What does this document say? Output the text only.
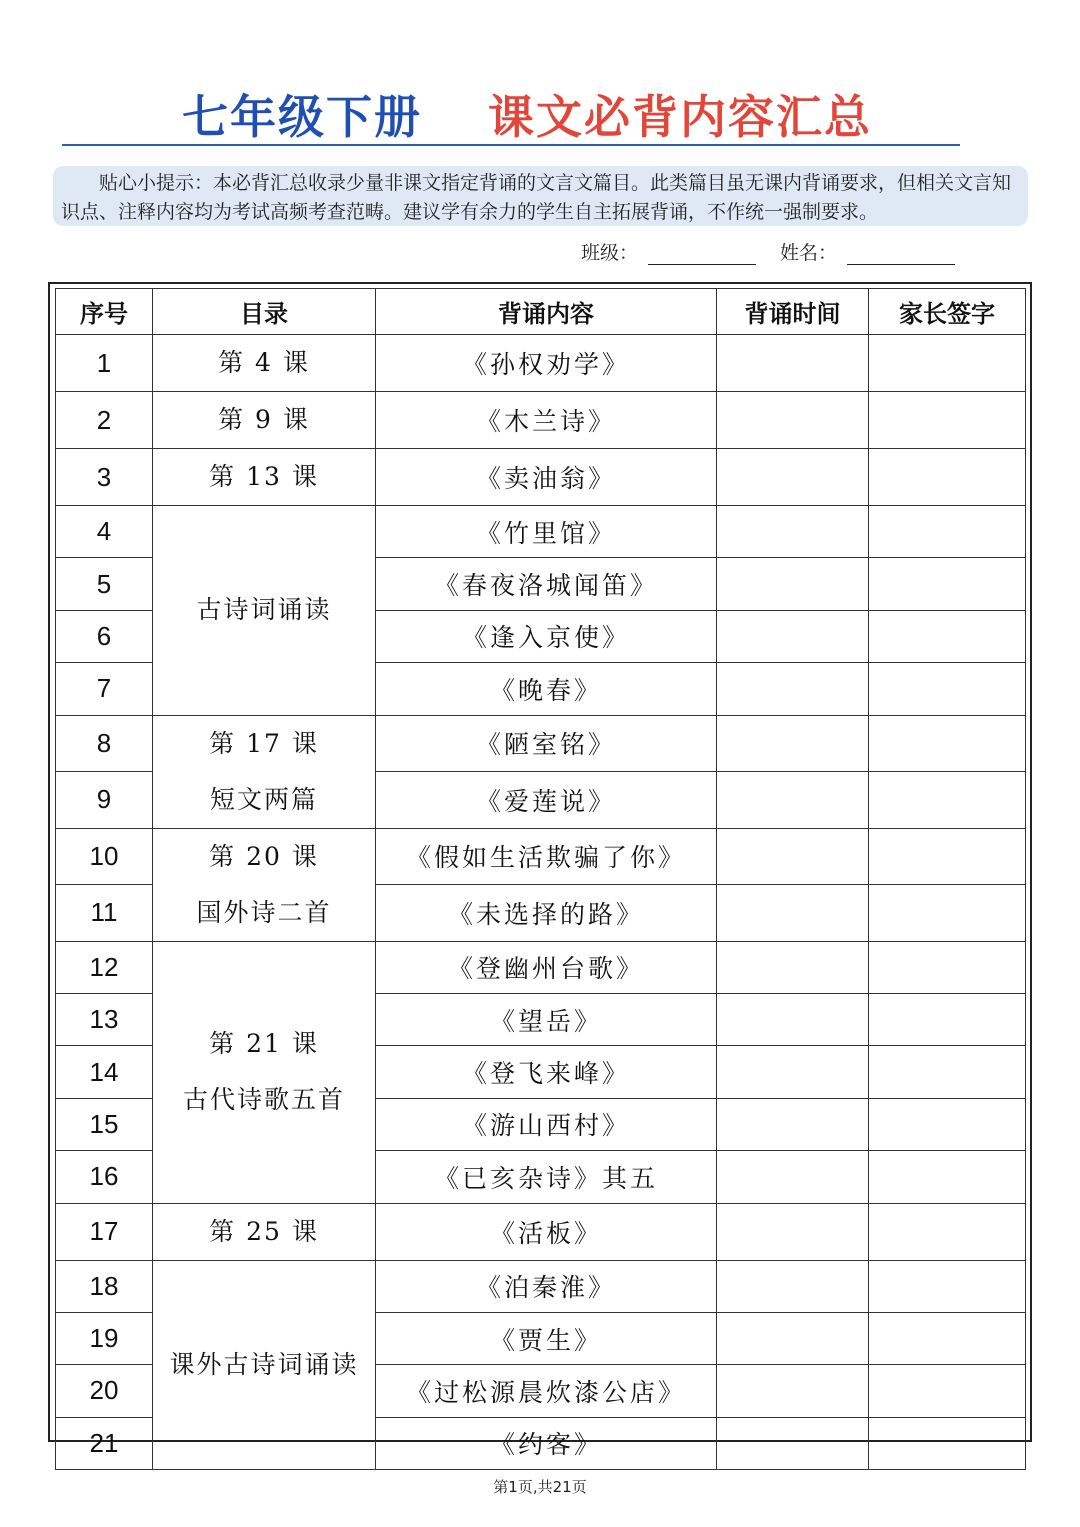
七年级下册 课文必背内容汇总

贴心小提示：本必背汇总收录少量非课文指定背诵的文言文篇目。此类篇目虽无课内背诵要求，但相关文言知识点、注释内容均为考试高频考查范畴。建议学有余力的学生自主拓展背诵，不作统一强制要求。

班级：	姓名：
序号	目录	背诵内容	背诵时间	家长签字
1	第 4 课	《孙权劝学》		
2	第 9 课	《木兰诗》		
3	第 13 课	《卖油翁》		
4	古诗词诵读	《竹里馆》		
5		《春夜洛城闻笛》		
6		《逢入京使》		
7		《晚春》		
8	第 17 课
短文两篇	《陋室铭》		
9		《爱莲说》		
10	第 20 课
国外诗二首	《假如生活欺骗了你》		
11		《未选择的路》		
12	第 21 课
古代诗歌五首	《登幽州台歌》		
13		《望岳》		
14		《登飞来峰》		
15		《游山西村》		
16		《已亥杂诗》其五		
17	第 25 课	《活板》		
18	课外古诗词诵读	《泊秦淮》		
19		《贾生》		
20		《过松源晨炊漆公店》		
21		《约客》		
第1页,共21页
